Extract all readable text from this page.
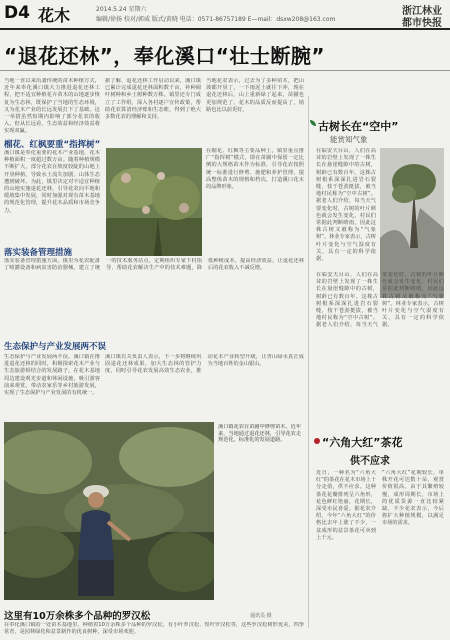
D4 花木	2014.5.24 星期六
编辑/徐扬 校对/郭威 版式/黄晓 电话：0571-86757189 E—mail：dsxw208@163.com
浙江林业
都市快报
“退花还林”，奉化溪口“壮士断腕”
当地一直以来沿袭传统的苗木种植方式，近年来奉化溪口镇大力推进退花还林工程，把不适宜种植花卉苗木的山地逐步恢复为生态林，既保护了当地的生态环境，又为花木产业的长远发展打下了基础。这一举措虽然短期内影响了部分花农的收入，但从长远看，生态效益和经济效益将实现双赢。
榴花、红枫要重“指挥树”
溪口镇是奉化重要的花木产业基地，花木种植面积一度超过数万亩。随着种植规模不断扩大，部分花农在坡度较陡的山地上开垦种植，导致水土流失加剧，山体生态遭到破坏。为此，镇里决定对不适宜种植的山地实施退花还林，引导花农向平地和缓坡集中发展，同时加强对现有苗木基地的规范化管理，提升花木品质和市场竞争力。
落实装备管理措施
据了解，退花还林工作启动以来，溪口镇已累计完成退花还林面积数千亩，补种阔叶树种和乡土树种数万株。镇里还专门成立了工作组，深入各村逐户宣传政策，帮助花农算清经济账和生态账，得到了绝大多数花农的理解和支持。
当地花农表示，过去为了多种苗木，把山坡都开垦了，一下雨泥土就往下冲，现在退花还林后，山上重新绿了起来，苗圃也更加规范了，花木的品质反而提高了，销路也比以前更好。
在榴花、红枫等主要品种上，镇里重点推广“指挥树”模式，即在苗圃中保留一定比例的大规格苗木作为标准，引导花农按照统一标准进行修剪、施肥和养护管理，提高整体苗木的规格和档次，打造溪口花木的品牌形象。
落实装备管理措施方面，镇里为花农配备了喷灌设备和病虫害防治器械，建立了统一的技术服务站点，定期组织专家下村指导，帮助花农解决生产中的技术难题，降低种植成本，提高经济效益，让退花还林后的花农收入不减反增。
生态保护与产业发展两不误
生态保护与产业发展两不误。溪口镇在推进退花还林的同时，积极探索花木产业与生态旅游相结合的发展路子，在花木基地周边建设观光步道和休闲设施，吸引游客前来观赏，带动农家乐等乡村旅游发展，实现了生态保护与产业发展的有机统一。
溪口镇有关负责人表示，下一步将继续巩固退花还林成果，加大生态林的管护力度，同时引导花农发展高效生态农业，推动花木产业转型升级，让青山绿水真正成为当地百姓的金山银山。
溪口镇花农在苗圃中修剪苗木。近年来，当地通过退花还林，引导花农走规范化、标准化的发展道路。
通讯员 摄
古树长在“空中”
能赏知气象
在临安天目山，人们在高耸的岩壁上发现了一株生长在悬崖缝隙中的古树，树龄已有数百年。这株古树根系深深扎进岩石裂缝，枝干苍劲挺拔，被当地村民称为“空中古树”。据老人们介绍，每当天气要变化时，古树的叶片颜色就会发生变化，村民们常据此判断晴雨，因此这株古树又被称为“气象树”。林业专家表示，古树叶片变化与空气湿度有关，具有一定的科学依据。
在临安天目山，人们在高耸的岩壁上发现了一株生长在悬崖缝隙中的古树，树龄已有数百年。这株古树根系深深扎进岩石裂缝，枝干苍劲挺拔，被当地村民称为“空中古树”。据老人们介绍，每当天气要变化时，古树的叶片颜色就会发生变化，村民们常据此判断晴雨，因此这株古树又被称为“气象树”。林业专家表示，古树叶片变化与空气湿度有关，具有一定的科学依据。
“六角大红”茶花
供不应求
近日，一种名为“六角大红”的茶花在花木市场上十分走俏，供不应求。这种茶花花瓣排列呈六角形，花色鲜红艳丽，花期长，深受市民喜爱。据花农介绍，今年“六角大红”的价格比去年上涨了不少，一盆成形的盆景茶花可卖到上千元。
“六角大红”花期较长，单株开花可达数十朵，观赏价值很高。由于其繁殖较慢，成形周期长，市场上的优质货源一直比较紧缺。不少花农表示，今后将扩大种植规模，以满足市场的需求。
这里有10万余株多个品种的罗汉松
在奉化溪口镇的一处苗木基地里，种植着10万余株多个品种的罗汉松，有小叶罗汉松、短叶罗汉松等，这些罗汉松树形优美，四季常青，是园林绿化和盆景制作的优良树种，深受市场欢迎。
